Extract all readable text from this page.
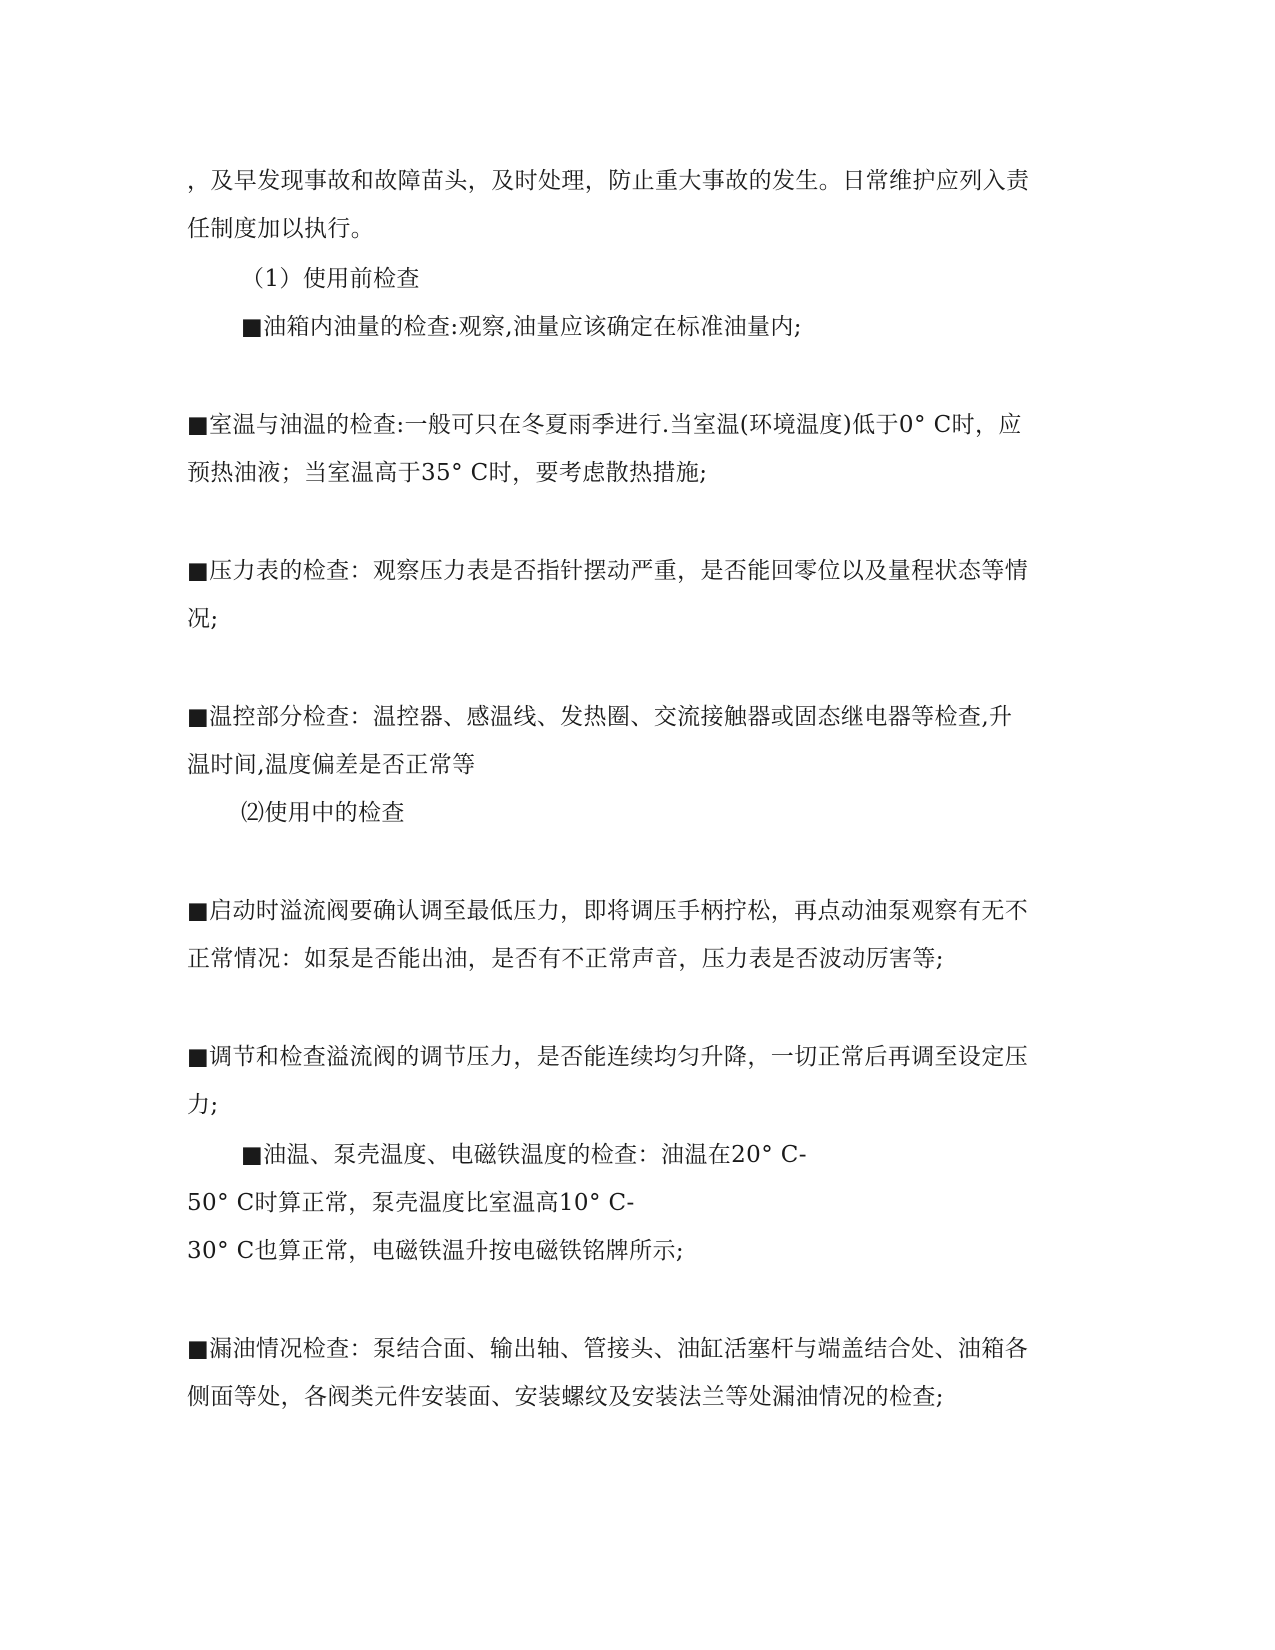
，及早发现事故和故障苗头，及时处理，防止重大事故的发生。日常维护应列入责
任制度加以执行。
（1）使用前检查
■油箱内油量的检查:观察,油量应该确定在标准油量内;
■室温与油温的检查:一般可只在冬夏雨季进行.当室温(环境温度)低于0° C时，应
预热油液；当室温高于35° C时，要考虑散热措施;
■压力表的检查：观察压力表是否指针摆动严重，是否能回零位以及量程状态等情
况;
■温控部分检查：温控器、感温线、发热圈、交流接触器或固态继电器等检查,升
温时间,温度偏差是否正常等
⑵使用中的检查
■启动时溢流阀要确认调至最低压力，即将调压手柄拧松，再点动油泵观察有无不
正常情况：如泵是否能出油，是否有不正常声音，压力表是否波动厉害等;
■调节和检查溢流阀的调节压力，是否能连续均匀升降，一切正常后再调至设定压
力;
■油温、泵壳温度、电磁铁温度的检查：油温在20° C-
50° C时算正常，泵壳温度比室温高10° C-
30° C也算正常，电磁铁温升按电磁铁铭牌所示;
■漏油情况检查：泵结合面、输出轴、管接头、油缸活塞杆与端盖结合处、油箱各
侧面等处，各阀类元件安装面、安装螺纹及安装法兰等处漏油情况的检查;
